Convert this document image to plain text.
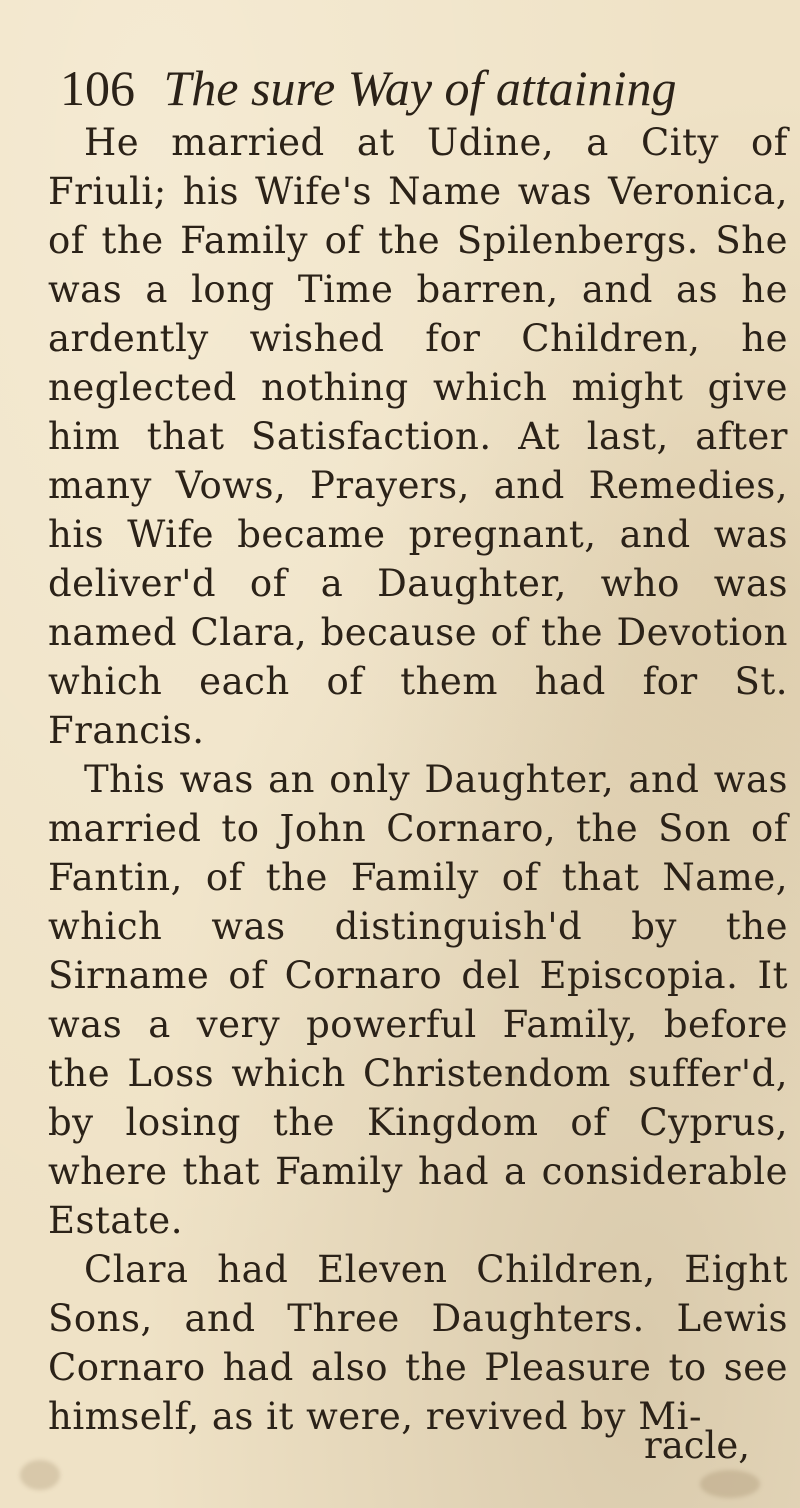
106 The sure Way of attaining

He married at Udine, a City of Friuli; his Wife's Name was Veronica, of the Family of the Spilenbergs. She was a long Time barren, and as he ardently wished for Children, he neglected nothing which might give him that Satisfaction. At last, after many Vows, Prayers, and Remedies, his Wife became pregnant, and was deliver'd of a Daughter, who was named Clara, because of the Devotion which each of them had for St. Francis.

This was an only Daughter, and was married to John Cornaro, the Son of Fantin, of the Family of that Name, which was distinguish'd by the Sirname of Cornaro del Episcopia. It was a very powerful Family, before the Loss which Christendom suffer'd, by losing the Kingdom of Cyprus, where that Family had a considerable Estate.

Clara had Eleven Children, Eight Sons, and Three Daughters. Lewis Cornaro had also the Pleasure to see himself, as it were, revived by Mi-

racle,
